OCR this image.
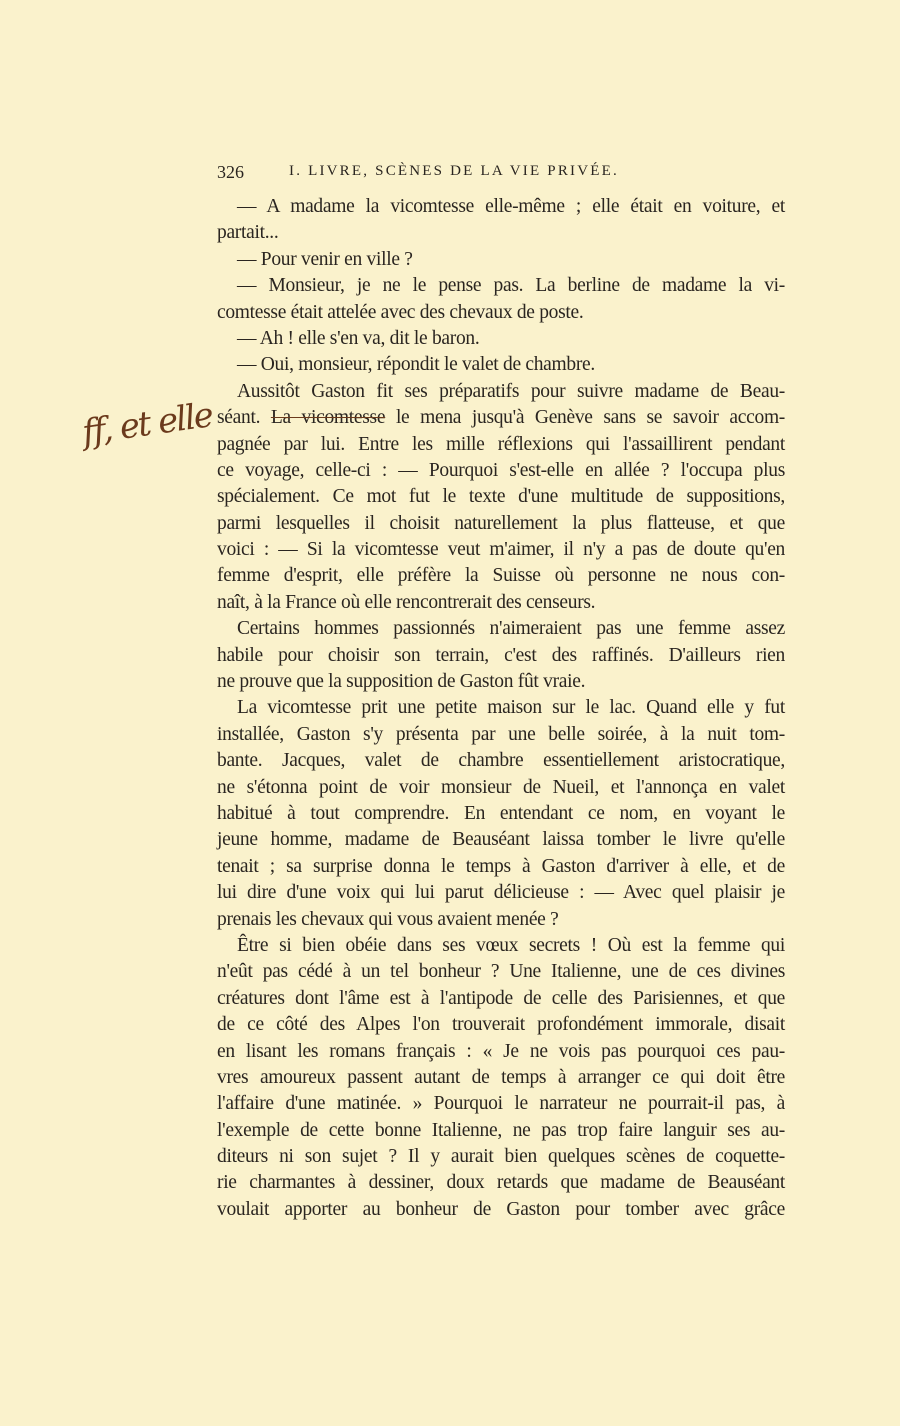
326	I. LIVRE, SCÈNES DE LA VIE PRIVÉE.
ff, et elle
— A madame la vicomtesse elle-même ; elle était en voiture, et
partait...
— Pour venir en ville ?
— Monsieur, je ne le pense pas. La berline de madame la vi-
comtesse était attelée avec des chevaux de poste.
— Ah ! elle s'en va, dit le baron.
— Oui, monsieur, répondit le valet de chambre.
Aussitôt Gaston fit ses préparatifs pour suivre madame de Beau-
séant. La vicomtesse le mena jusqu'à Genève sans se savoir accom-
pagnée par lui. Entre les mille réflexions qui l'assaillirent pendant
ce voyage, celle-ci : — Pourquoi s'est-elle en allée ? l'occupa plus
spécialement. Ce mot fut le texte d'une multitude de suppositions,
parmi lesquelles il choisit naturellement la plus flatteuse, et que
voici : — Si la vicomtesse veut m'aimer, il n'y a pas de doute qu'en
femme d'esprit, elle préfère la Suisse où personne ne nous con-
naît, à la France où elle rencontrerait des censeurs.
Certains hommes passionnés n'aimeraient pas une femme assez
habile pour choisir son terrain, c'est des raffinés. D'ailleurs rien
ne prouve que la supposition de Gaston fût vraie.
La vicomtesse prit une petite maison sur le lac. Quand elle y fut
installée, Gaston s'y présenta par une belle soirée, à la nuit tom-
bante. Jacques, valet de chambre essentiellement aristocratique,
ne s'étonna point de voir monsieur de Nueil, et l'annonça en valet
habitué à tout comprendre. En entendant ce nom, en voyant le
jeune homme, madame de Beauséant laissa tomber le livre qu'elle
tenait ; sa surprise donna le temps à Gaston d'arriver à elle, et de
lui dire d'une voix qui lui parut délicieuse : — Avec quel plaisir je
prenais les chevaux qui vous avaient menée ?
Être si bien obéie dans ses vœux secrets ! Où est la femme qui
n'eût pas cédé à un tel bonheur ? Une Italienne, une de ces divines
créatures dont l'âme est à l'antipode de celle des Parisiennes, et que
de ce côté des Alpes l'on trouverait profondément immorale, disait
en lisant les romans français : « Je ne vois pas pourquoi ces pau-
vres amoureux passent autant de temps à arranger ce qui doit être
l'affaire d'une matinée. » Pourquoi le narrateur ne pourrait-il pas, à
l'exemple de cette bonne Italienne, ne pas trop faire languir ses au-
diteurs ni son sujet ? Il y aurait bien quelques scènes de coquette-
rie charmantes à dessiner, doux retards que madame de Beauséant
voulait apporter au bonheur de Gaston pour tomber avec grâce
